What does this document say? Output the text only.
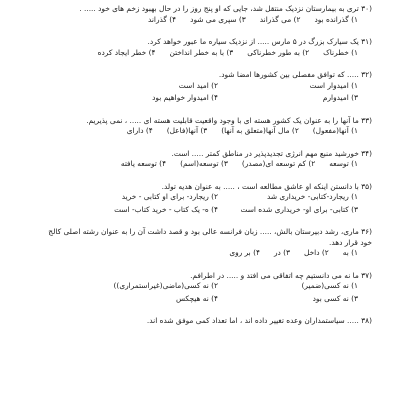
۳۰) تری به بیمارستان نزدیک منتقل شد، جایی که او پنج روز را در حال بهبود زخم های خود ..... .
۱) گذرانده بود
۲) می گذراند
۳) سپری می شود
۴) گذراند
۳۱) یک سیارک بزرگ در ۵ مارس ..... از نزدیک سیاره ما عبور خواهد کرد.
۱) خطرناک
۲) به طور خطرناکی
۳) با به خطر انداختن
۴) خطر ایجاد کرده
۳۲) ..... که توافق مفصلی بین کشورها امضا شود.
۱) امیدوار است
۲) امید است
۳) امیدوارم
۴) امیدوار خواهیم بود
۳۳) ما آنها را به عنوان یک کشور هسته ای با وجود واقعیت قابلیت هسته ای ..... ، نمی پذیریم.
۱) آنها(مفعول)
۲) مال آنها(متعلق به آنها)
۳) آنها(فاعل)
۴) دارای
۳۴) خورشید منبع مهم انرژی تجدیدپذیر در مناطق کمتر ..... است.
۱) توسعه
۲) کم توسعه ای(مصدر)
۳) توسعه(اسم)
۴) توسعه یافته
۳۵) با دانستن اینکه او عاشق مطالعه است ، ..... به عنوان هدیه تولد.
۱) ریجارد-کتابی- خریداری شد
۲) ریجارد- برای او کتابی - خرید
۳) کتابی- برای او- خریداری شده است
۴) ه- یک کتاب - خرید کتاب- است
۳۶) ماری، رشد دبیرستان بالش، ..... زبان فرانسه عالی بود و قصد داشت آن را به عنوان رشته اصلی کالج
خود قرار دهد.
۱) به
۲) داخل
۳) در
۴) بر روی
۳۷) ما نه می دانستیم چه اتفاقی می افتد و ..... در اطرافم.
۱) نه کسی(ضمیر)
۲) نه کسی(ماضی(غیراستمراری))
۳) نه کسی بود
۴) نه هیچکس
۳۸) ..... سیاستمداران وعده تغییر داده اند ، اما تعداد کمی موفق شده اند.
